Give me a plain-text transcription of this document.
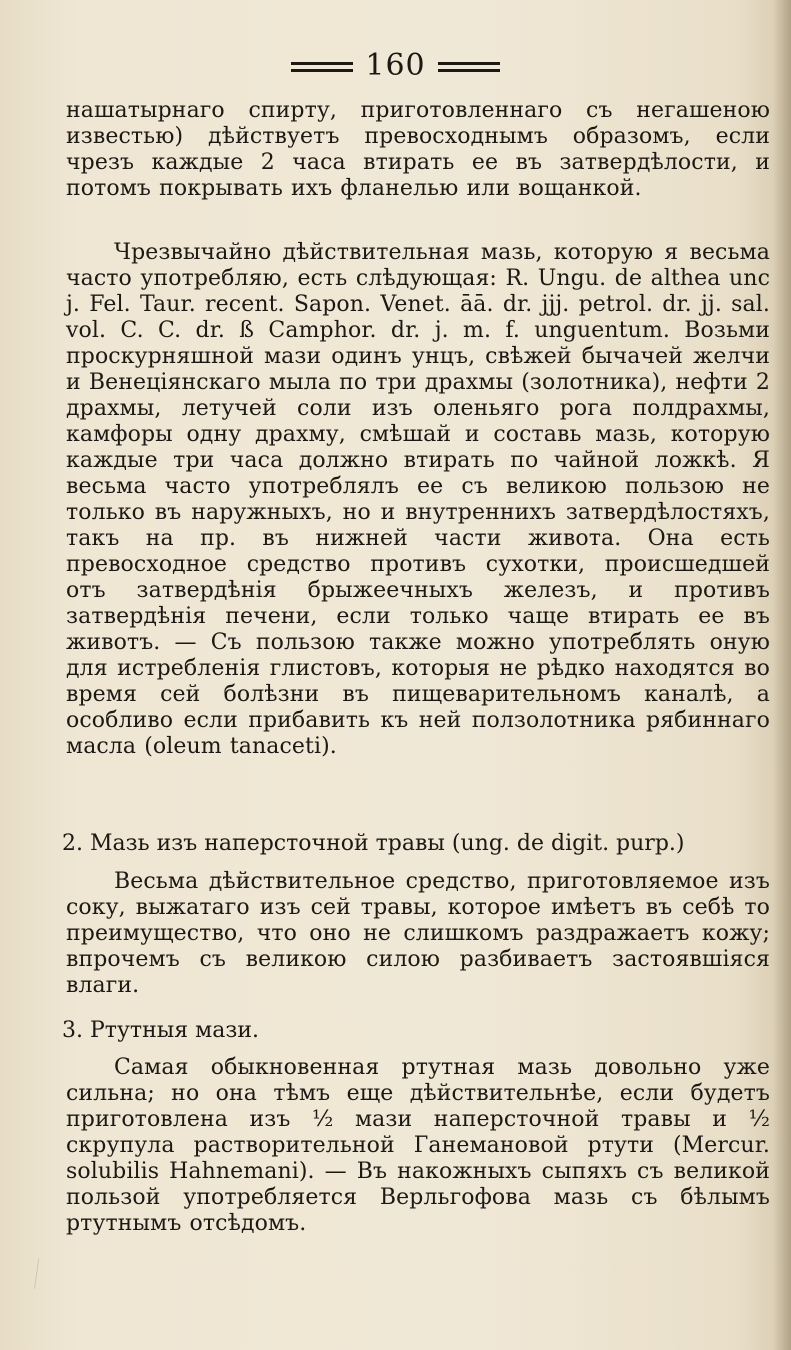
160
нашатырнаго спирту, приготовленнаго съ негашеною известью) дѣйствуетъ превосходнымъ образомъ, если чрезъ каждые 2 часа втирать ее въ затвердѣлости, и потомъ покрывать ихъ фланелью или вощанкой.
Чрезвычайно дѣйствительная мазь, которую я весьма часто употребляю, есть слѣдующая: R. Ungu. de althea unc j. Fel. Taur. recent. Sapon. Venet. āā. dr. jjj. petrol. dr. jj. sal. vol. C. C. dr. ß Camphor. dr. j. m. f. unguentum. Возьми проскурняшной мази одинъ унцъ, свѣжей бычачей желчи и Венеціянскаго мыла по три драхмы (золотника), нефти 2 драхмы, летучей соли изъ оленьяго рога полдрахмы, камфоры одну драхму, смѣшай и составь мазь, которую каждые три часа должно втирать по чайной ложкѣ. Я весьма часто употреблялъ ее съ великою пользою не только въ наружныхъ, но и внутреннихъ затвердѣлостяхъ, такъ на пр. въ нижней части живота. Она есть превосходное средство противъ сухотки, происшедшей отъ затвердѣнія брыжеечныхъ железъ, и противъ затвердѣнія печени, если только чаще втирать ее въ животъ. — Съ пользою также можно употреблять оную для истребленія глистовъ, которыя не рѣдко находятся во время сей болѣзни въ пищеварительномъ каналѣ, а особливо если прибавить къ ней ползолотника рябиннаго масла (oleum tanaceti).
2. Мазь изъ наперсточной травы (ung. de digit. purp.)
Весьма дѣйствительное средство, приготовляемое изъ соку, выжатаго изъ сей травы, которое имѣетъ въ себѣ то преимущество, что оно не слишкомъ раздражаетъ кожу; впрочемъ съ великою силою разбиваетъ застоявшіяся влаги.
3. Ртутныя мази.
Самая обыкновенная ртутная мазь довольно уже сильна; но она тѣмъ еще дѣйствительнѣе, если будетъ приготовлена изъ ½ мази наперсточной травы и ½ скрупула растворительной Ганемановой ртути (Mercur. solubilis Hahnemani). — Въ накожныхъ сыпяхъ съ великой пользой употребляется Верльгофова мазь съ бѣлымъ ртутнымъ отсѣдомъ.
